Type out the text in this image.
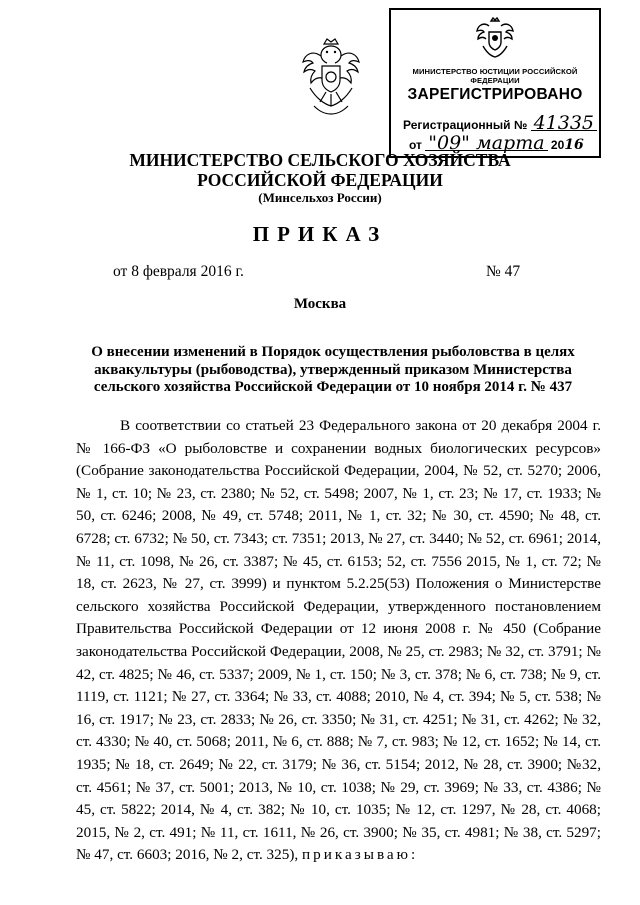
МИНИСТЕРСТВО ЮСТИЦИИ РОССИЙСКОЙ ФЕДЕРАЦИИ
ЗАРЕГИСТРИРОВАНО
Регистрационный № 41335
от "09" марта 2016
МИНИСТЕРСТВО СЕЛЬСКОГО ХОЗЯЙСТВА
РОССИЙСКОЙ ФЕДЕРАЦИИ
(Минсельхоз России)
ПРИКАЗ
от 8 февраля 2016 г.	№ 47
Москва
О внесении изменений в Порядок осуществления рыболовства в целях аквакультуры (рыбоводства), утвержденный приказом Министерства сельского хозяйства Российской Федерации от 10 ноября 2014 г. № 437
В соответствии со статьей 23 Федерального закона от 20 декабря 2004 г. № 166-ФЗ «О рыболовстве и сохранении водных биологических ресурсов» (Собрание законодательства Российской Федерации, 2004, № 52, ст. 5270; 2006, № 1, ст. 10; № 23, ст. 2380; № 52, ст. 5498; 2007, № 1, ст. 23; № 17, ст. 1933; № 50, ст. 6246; 2008, № 49, ст. 5748; 2011, № 1, ст. 32; № 30, ст. 4590; № 48, ст. 6728; ст. 6732; № 50, ст. 7343; ст. 7351; 2013, № 27, ст. 3440; № 52, ст. 6961; 2014, № 11, ст. 1098, № 26, ст. 3387; № 45, ст. 6153; 52, ст. 7556 2015, № 1, ст. 72; № 18, ст. 2623, № 27, ст. 3999) и пунктом 5.2.25(53) Положения о Министерстве сельского хозяйства Российской Федерации, утвержденного постановлением Правительства Российской Федерации от 12 июня 2008 г. № 450 (Собрание законодательства Российской Федерации, 2008, № 25, ст. 2983; № 32, ст. 3791; № 42, ст. 4825; № 46, ст. 5337; 2009, № 1, ст. 150; № 3, ст. 378; № 6, ст. 738; № 9, ст. 1119, ст. 1121; № 27, ст. 3364; № 33, ст. 4088; 2010, № 4, ст. 394; № 5, ст. 538; № 16, ст. 1917; № 23, ст. 2833; № 26, ст. 3350; № 31, ст. 4251; № 31, ст. 4262; № 32, ст. 4330; № 40, ст. 5068; 2011, № 6, ст. 888; № 7, ст. 983; № 12, ст. 1652; № 14, ст. 1935; № 18, ст. 2649; № 22, ст. 3179; № 36, ст. 5154; 2012, № 28, ст. 3900; №32, ст. 4561; № 37, ст. 5001; 2013, № 10, ст. 1038; № 29, ст. 3969; № 33, ст. 4386; № 45, ст. 5822; 2014, № 4, ст. 382; № 10, ст. 1035; № 12, ст. 1297, № 28, ст. 4068; 2015, № 2, ст. 491; № 11, ст. 1611, № 26, ст. 3900; № 35, ст. 4981; № 38, ст. 5297; № 47, ст. 6603; 2016, № 2, ст. 325), приказываю:
